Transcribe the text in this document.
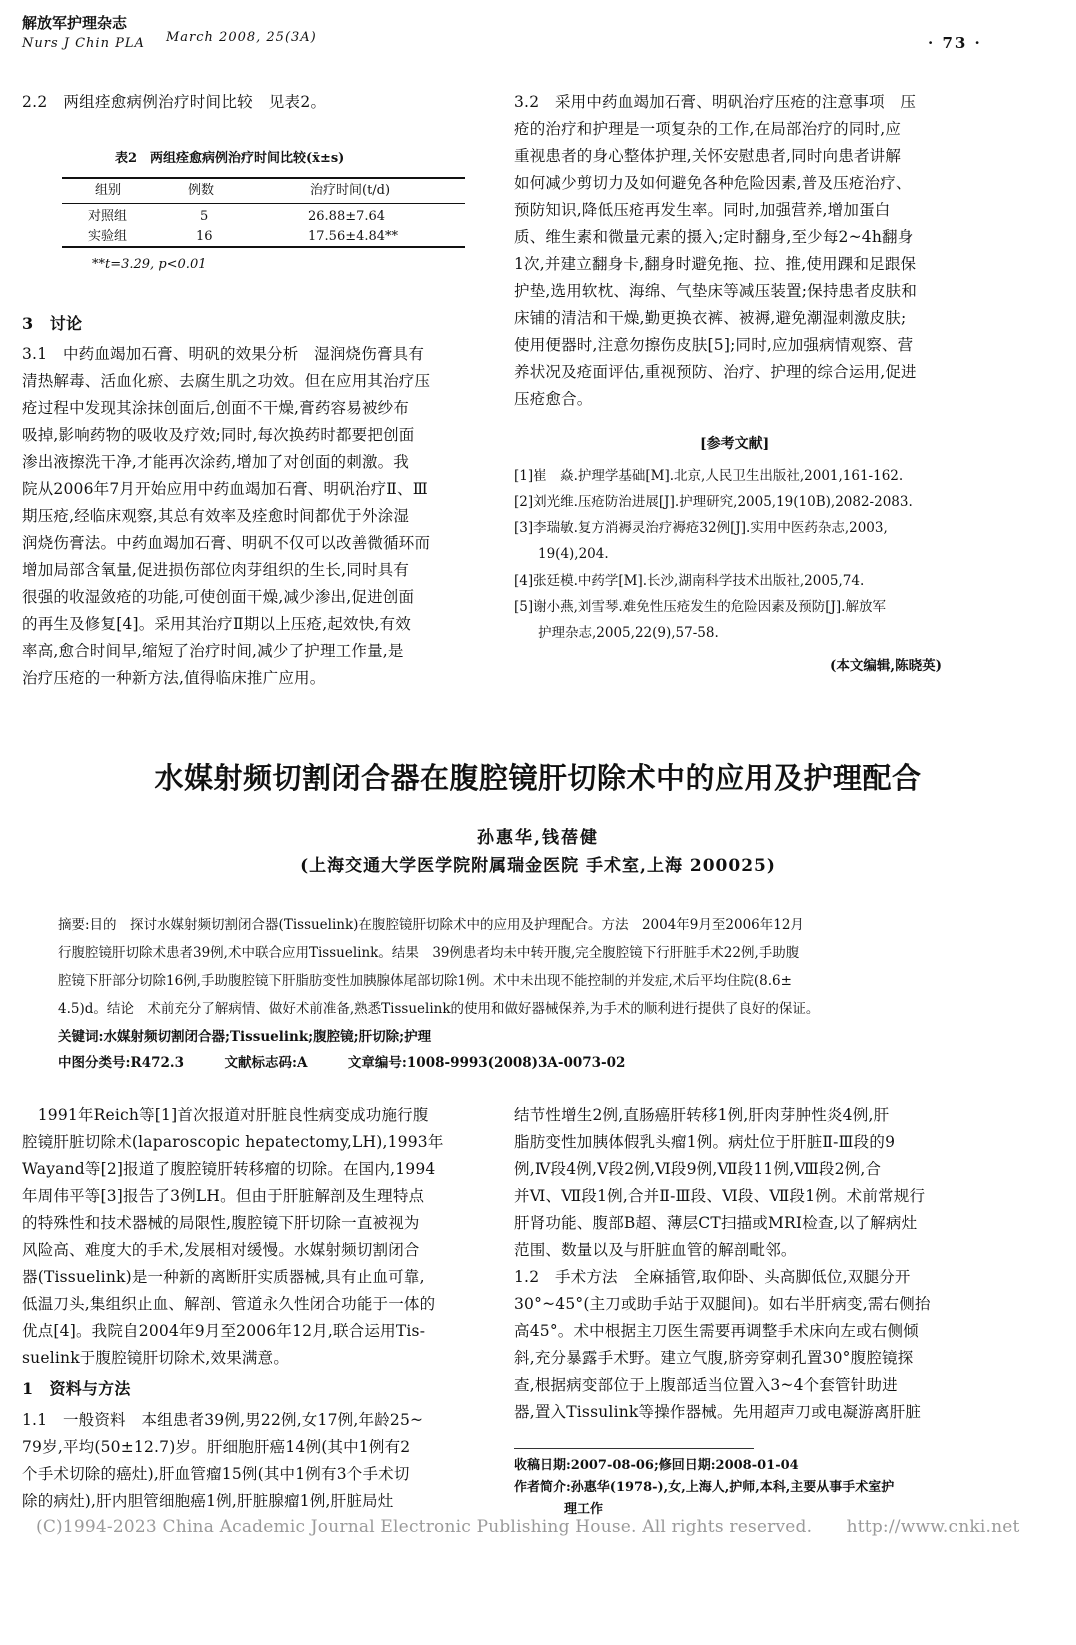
解放军护理杂志
Nurs J Chin PLA March 2008, 25(3A)	· 73 ·
2.2　两组痊愈病例治疗时间比较　见表2。
表2　两组痊愈病例治疗时间比较(x̄±s)
组别	例数	治疗时间(t/d)
对照组	5	26.88±7.64
实验组	16	17.56±4.84**
**t=3.29, p<0.01
3　讨论
3.1　中药血竭加石膏、明矾的效果分析　湿润烧伤膏具有
清热解毒、活血化瘀、去腐生肌之功效。但在应用其治疗压
疮过程中发现其涂抹创面后,创面不干燥,膏药容易被纱布
吸掉,影响药物的吸收及疗效;同时,每次换药时都要把创面
渗出液擦洗干净,才能再次涂药,增加了对创面的刺激。我
院从2006年7月开始应用中药血竭加石膏、明矾治疗Ⅱ、Ⅲ
期压疮,经临床观察,其总有效率及痊愈时间都优于外涂湿
润烧伤膏法。中药血竭加石膏、明矾不仅可以改善微循环而
增加局部含氧量,促进损伤部位肉芽组织的生长,同时具有
很强的收湿敛疮的功能,可使创面干燥,减少渗出,促进创面
的再生及修复[4]。采用其治疗Ⅱ期以上压疮,起效快,有效
率高,愈合时间早,缩短了治疗时间,减少了护理工作量,是
治疗压疮的一种新方法,值得临床推广应用。
3.2　采用中药血竭加石膏、明矾治疗压疮的注意事项　压
疮的治疗和护理是一项复杂的工作,在局部治疗的同时,应
重视患者的身心整体护理,关怀安慰患者,同时向患者讲解
如何减少剪切力及如何避免各种危险因素,普及压疮治疗、
预防知识,降低压疮再发生率。同时,加强营养,增加蛋白
质、维生素和微量元素的摄入;定时翻身,至少每2~4h翻身
1次,并建立翻身卡,翻身时避免拖、拉、推,使用踝和足跟保
护垫,选用软枕、海绵、气垫床等减压装置;保持患者皮肤和
床铺的清洁和干燥,勤更换衣裤、被褥,避免潮湿刺激皮肤;
使用便器时,注意勿擦伤皮肤[5];同时,应加强病情观察、营
养状况及疮面评估,重视预防、治疗、护理的综合运用,促进
压疮愈合。
[参考文献]
[1]崔　焱.护理学基础[M].北京,人民卫生出版社,2001,161-162.
[2]刘光维.压疮防治进展[J].护理研究,2005,19(10B),2082-2083.
[3]李瑞敏.复方消褥灵治疗褥疮32例[J].实用中医药杂志,2003,
19(4),204.
[4]张廷模.中药学[M].长沙,湖南科学技术出版社,2005,74.
[5]谢小燕,刘雪琴.难免性压疮发生的危险因素及预防[J].解放军
护理杂志,2005,22(9),57-58.
(本文编辑,陈晓英)
水媒射频切割闭合器在腹腔镜肝切除术中的应用及护理配合
孙惠华,钱蓓健
(上海交通大学医学院附属瑞金医院 手术室,上海 200025)
摘要:目的　探讨水媒射频切割闭合器(Tissuelink)在腹腔镜肝切除术中的应用及护理配合。方法　2004年9月至2006年12月
行腹腔镜肝切除术患者39例,术中联合应用Tissuelink。结果　39例患者均未中转开腹,完全腹腔镜下行肝脏手术22例,手助腹
腔镜下肝部分切除16例,手助腹腔镜下肝脂肪变性加胰腺体尾部切除1例。术中未出现不能控制的并发症,术后平均住院(8.6±
4.5)d。结论　术前充分了解病情、做好术前准备,熟悉Tissuelink的使用和做好器械保养,为手术的顺利进行提供了良好的保证。
关键词:水媒射频切割闭合器;Tissuelink;腹腔镜;肝切除;护理
中图分类号:R472.3　　　文献标志码:A　　　文章编号:1008-9993(2008)3A-0073-02
　1991年Reich等[1]首次报道对肝脏良性病变成功施行腹
腔镜肝脏切除术(laparoscopic hepatectomy,LH),1993年
Wayand等[2]报道了腹腔镜肝转移瘤的切除。在国内,1994
年周伟平等[3]报告了3例LH。但由于肝脏解剖及生理特点
的特殊性和技术器械的局限性,腹腔镜下肝切除一直被视为
风险高、难度大的手术,发展相对缓慢。水媒射频切割闭合
器(Tissuelink)是一种新的离断肝实质器械,具有止血可靠,
低温刀头,集组织止血、解剖、管道永久性闭合功能于一体的
优点[4]。我院自2004年9月至2006年12月,联合运用Tis-
suelink于腹腔镜肝切除术,效果满意。
1　资料与方法
1.1　一般资料　本组患者39例,男22例,女17例,年龄25~
79岁,平均(50±12.7)岁。肝细胞肝癌14例(其中1例有2
个手术切除的癌灶),肝血管瘤15例(其中1例有3个手术切
除的病灶),肝内胆管细胞癌1例,肝脏腺瘤1例,肝脏局灶
结节性增生2例,直肠癌肝转移1例,肝肉芽肿性炎4例,肝
脂肪变性加胰体假乳头瘤1例。病灶位于肝脏Ⅱ-Ⅲ段的9
例,Ⅳ段4例,Ⅴ段2例,Ⅵ段9例,Ⅶ段11例,Ⅷ段2例,合
并Ⅵ、Ⅶ段1例,合并Ⅱ-Ⅲ段、Ⅵ段、Ⅶ段1例。术前常规行
肝肾功能、腹部B超、薄层CT扫描或MRI检查,以了解病灶
范围、数量以及与肝脏血管的解剖毗邻。
1.2　手术方法　全麻插管,取仰卧、头高脚低位,双腿分开
30°~45°(主刀或助手站于双腿间)。如右半肝病变,需右侧抬
高45°。术中根据主刀医生需要再调整手术床向左或右侧倾
斜,充分暴露手术野。建立气腹,脐旁穿刺孔置30°腹腔镜探
查,根据病变部位于上腹部适当位置入3~4个套管针助进
器,置入Tissulink等操作器械。先用超声刀或电凝游离肝脏
收稿日期:2007-08-06;修回日期:2008-01-04
作者简介:孙惠华(1978-),女,上海人,护师,本科,主要从事手术室护
理工作
(C)1994-2023 China Academic Journal Electronic Publishing House. All rights reserved.　　http://www.cnki.net
